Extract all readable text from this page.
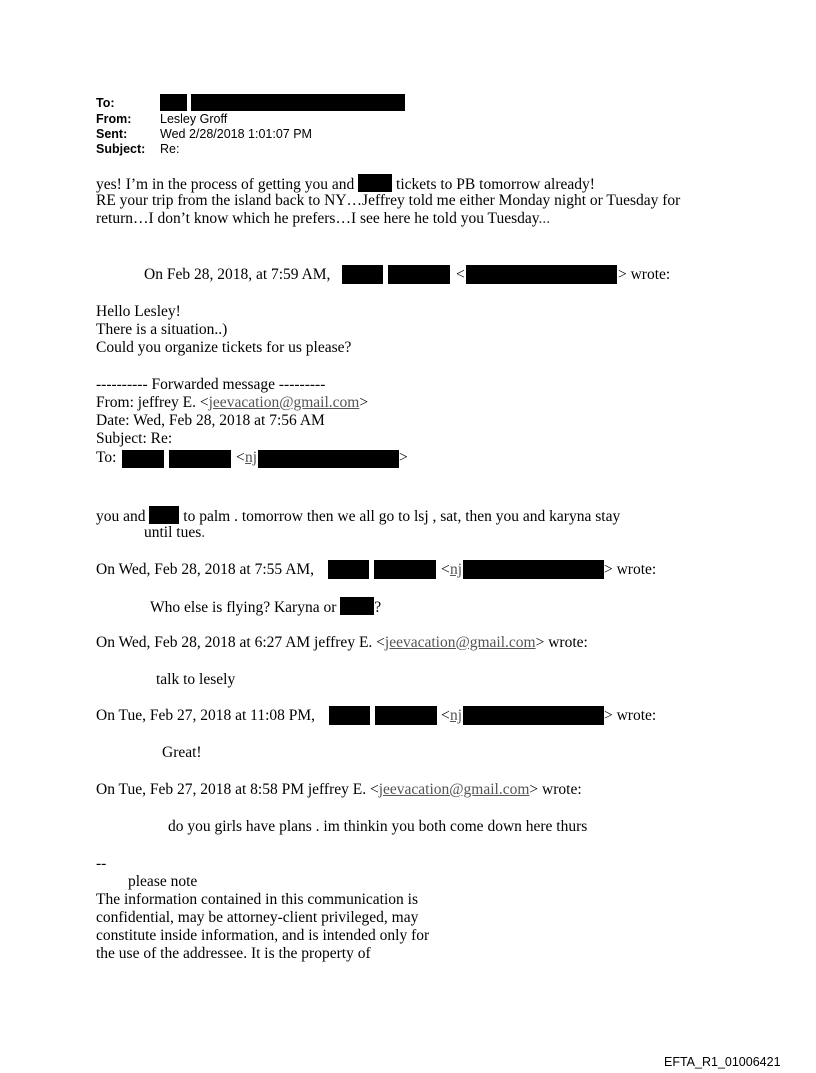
To:
From: Lesley Groff
Sent:	Wed 2/28/2018 1:01:07 PM
Subject: Re:
yes! I’m in the process of getting you and	tickets to PB tomorrow already!
RE your trip from the island back to NY…Jeffrey told me either Monday night or Tuesday for
return…I don’t know which he prefers…I see here he told you Tuesday...
On Feb 28, 2018, at 7:59 AM,	<	> wrote:
Hello Lesley!
There is a situation..)
Could you organize tickets for us please?
---------- Forwarded message ---------
From: jeffrey E. <jeevacation@gmail.com>
Date: Wed, Feb 28, 2018 at 7:56 AM
Subject: Re:
To:	< nj	>
you and to palm . tomorrow then we all go to lsj , sat, then you and karyna stay
until tues.
On Wed, Feb 28, 2018 at 7:55 AM,	< nj	> wrote:
Who else is flying? Karyna or ?
On Wed, Feb 28, 2018 at 6:27 AM jeffrey E. <jeevacation@gmail.com> wrote:
talk to lesely
On Tue, Feb 27, 2018 at 11:08 PM,	< nj	> wrote:
Great!
On Tue, Feb 27, 2018 at 8:58 PM jeffrey E. <jeevacation@gmail.com> wrote:
do you girls have plans . im thinkin you both come down here thurs
--
please note
The information contained in this communication is
confidential, may be attorney-client privileged, may
constitute inside information, and is intended only for
the use of the addressee. It is the property of
EFTA_R1_01006421
